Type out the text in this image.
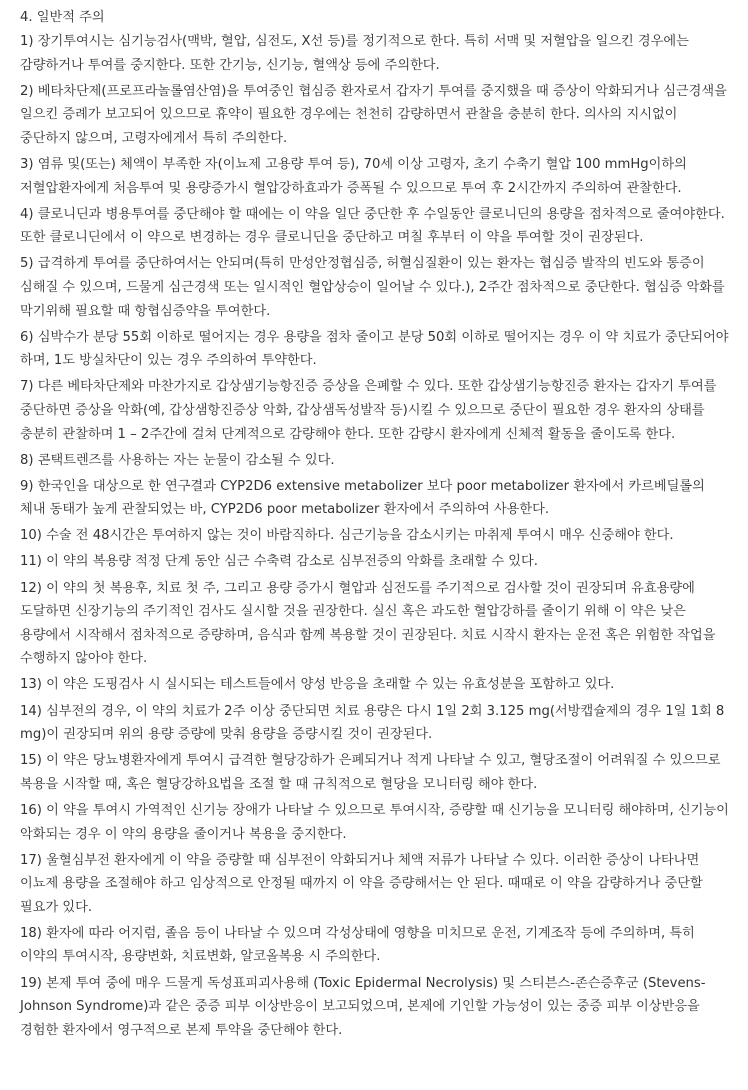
4. 일반적 주의
1) 장기투여시는 심기능검사(맥박, 혈압, 심전도, X선 등)를 정기적으로 한다. 특히 서맥 및 저혈압을 일으킨 경우에는 감량하거나 투여를 중지한다. 또한 간기능, 신기능, 혈액상 등에 주의한다.
2) 베타차단제(프로프라놀롤염산염)을 투여중인 협심증 환자로서 갑자기 투여를 중지했을 때 증상이 악화되거나 심근경색을 일으킨 증례가 보고되어 있으므로 휴약이 필요한 경우에는 천천히 감량하면서 관찰을 충분히 한다. 의사의 지시없이 중단하지 않으며, 고령자에게서 특히 주의한다.
3) 염류 및(또는) 체액이 부족한 자(이뇨제 고용량 투여 등), 70세 이상 고령자, 초기 수축기 혈압 100 mmHg이하의 저혈압환자에게 처음투여 및 용량증가시 혈압강하효과가 증폭될 수 있으므로 투여 후 2시간까지 주의하여 관찰한다.
4) 클로니딘과 병용투여를 중단해야 할 때에는 이 약을 일단 중단한 후 수일동안 클로니딘의 용량을 점차적으로 줄여야한다. 또한 클로니딘에서 이 약으로 변경하는 경우 클로니딘을 중단하고 며칠 후부터 이 약을 투여할 것이 권장된다.
5) 급격하게 투여를 중단하여서는 안되며(특히 만성안정협심증, 허혈심질환이 있는 환자는 협심증 발작의 빈도와 통증이 심해질 수 있으며, 드물게 심근경색 또는 일시적인 혈압상승이 일어날 수 있다.), 2주간 점차적으로 중단한다. 협심증 악화를 막기위해 필요할 때 항협심증약을 투여한다.
6) 심박수가 분당 55회 이하로 떨어지는 경우 용량을 점차 줄이고 분당 50회 이하로 떨어지는 경우 이 약 치료가 중단되어야 하며, 1도 방실차단이 있는 경우 주의하여 투약한다.
7) 다른 베타차단제와 마찬가지로 갑상샘기능항진증 증상을 은폐할 수 있다. 또한 갑상샘기능항진증 환자는 갑자기 투여를 중단하면 증상을 악화(예, 갑상샘항진증상 악화, 갑상샘독성발작 등)시킬 수 있으므로 중단이 필요한 경우 환자의 상태를 충분히 관찰하며 1 – 2주간에 걸쳐 단계적으로 감량해야 한다. 또한 감량시 환자에게 신체적 활동을 줄이도록 한다.
8) 콘택트렌즈를 사용하는 자는 눈물이 감소될 수 있다.
9) 한국인을 대상으로 한 연구결과 CYP2D6 extensive metabolizer 보다 poor metabolizer 환자에서 카르베딜롤의 체내 동태가 높게 관찰되었는 바, CYP2D6 poor metabolizer 환자에서 주의하여 사용한다.
10) 수술 전 48시간은 투여하지 않는 것이 바람직하다. 심근기능을 감소시키는 마취제 투여시 매우 신중해야 한다.
11) 이 약의 복용량 적정 단계 동안 심근 수축력 감소로 심부전증의 악화를 초래할 수 있다.
12) 이 약의 첫 복용후, 치료 첫 주, 그리고 용량 증가시 혈압과 심전도를 주기적으로 검사할 것이 권장되며 유효용량에 도달하면 신장기능의 주기적인 검사도 실시할 것을 권장한다. 실신 혹은 과도한 혈압강하를 줄이기 위해 이 약은 낮은 용량에서 시작해서 점차적으로 증량하며, 음식과 함께 복용할 것이 권장된다. 치료 시작시 환자는 운전 혹은 위험한 작업을 수행하지 않아야 한다.
13) 이 약은 도핑검사 시 실시되는 테스트들에서 양성 반응을 초래할 수 있는 유효성분을 포함하고 있다.
14) 심부전의 경우, 이 약의 치료가 2주 이상 중단되면 치료 용량은 다시 1일 2회 3.125 mg(서방캡슐제의 경우 1일 1회 8 mg)이 권장되며 위의 용량 증량에 맞춰 용량을 증량시킬 것이 권장된다.
15) 이 약은 당뇨병환자에게 투여시 급격한 혈당강하가 은폐되거나 적게 나타날 수 있고, 혈당조절이 어려워질 수 있으므로 복용을 시작할 때, 혹은 혈당강하요법을 조절 할 때 규칙적으로 혈당을 모니터링 해야 한다.
16) 이 약을 투여시 가역적인 신기능 장애가 나타날 수 있으므로 투여시작, 증량할 때 신기능을 모니터링 해야하며, 신기능이 악화되는 경우 이 약의 용량을 줄이거나 복용을 중지한다.
17) 울혈심부전 환자에게 이 약을 증량할 때 심부전이 악화되거나 체액 저류가 나타날 수 있다. 이러한 증상이 나타나면 이뇨제 용량을 조절해야 하고 임상적으로 안정될 때까지 이 약을 증량해서는 안 된다. 때때로 이 약을 감량하거나 중단할 필요가 있다.
18) 환자에 따라 어지럼, 졸음 등이 나타날 수 있으며 각성상태에 영향을 미치므로 운전, 기계조작 등에 주의하며, 특히 이약의 투여시작, 용량변화, 치료변화, 알코올복용 시 주의한다.
19) 본제 투여 중에 매우 드물게 독성표피괴사용해 (Toxic Epidermal Necrolysis) 및 스티븐스-존슨증후군 (Stevens-Johnson Syndrome)과 같은 중증 피부 이상반응이 보고되었으며, 본제에 기인할 가능성이 있는 중증 피부 이상반응을 경험한 환자에서 영구적으로 본제 투약을 중단해야 한다.
